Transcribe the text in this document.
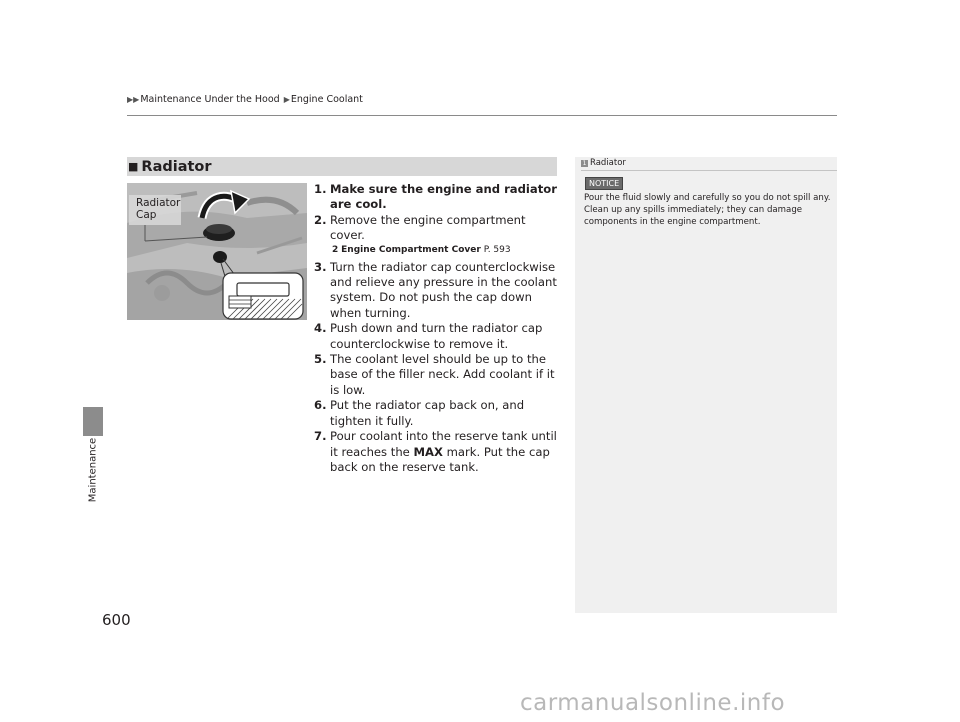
▶▶ Maintenance Under the Hood ▶ Engine Coolant
Maintenance
600
■ Radiator
Radiator
Cap
1. Make sure the engine and radiator are cool.
2. Remove the engine compartment cover.
2 Engine Compartment Cover P. 593
3. Turn the radiator cap counterclockwise and relieve any pressure in the coolant system. Do not push the cap down when turning.
4. Push down and turn the radiator cap counterclockwise to remove it.
5. The coolant level should be up to the base of the filler neck. Add coolant if it is low.
6. Put the radiator cap back on, and tighten it fully.
7. Pour coolant into the reserve tank until it reaches the MAX mark. Put the cap back on the reserve tank.
1 Radiator
NOTICE
Pour the fluid slowly and carefully so you do not spill any. Clean up any spills immediately; they can damage components in the engine compartment.
carmanualsonline.info
